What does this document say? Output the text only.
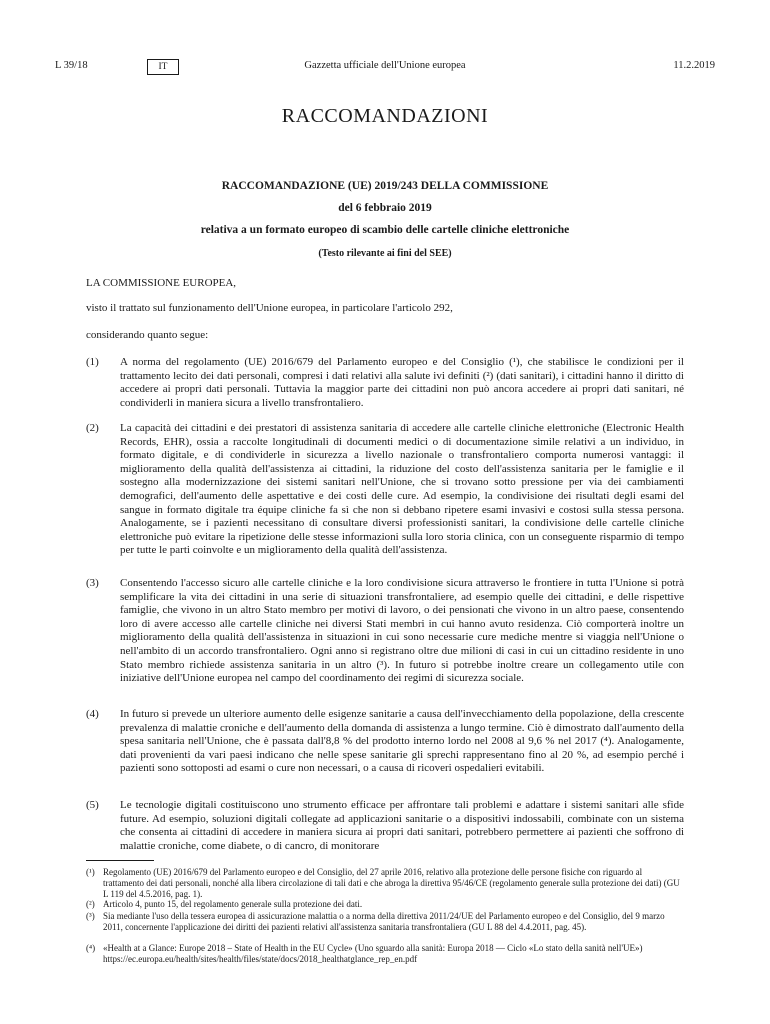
L 39/18	IT	Gazzetta ufficiale dell'Unione europea	11.2.2019
RACCOMANDAZIONI
RACCOMANDAZIONE (UE) 2019/243 DELLA COMMISSIONE
del 6 febbraio 2019
relativa a un formato europeo di scambio delle cartelle cliniche elettroniche
(Testo rilevante ai fini del SEE)
LA COMMISSIONE EUROPEA,
visto il trattato sul funzionamento dell'Unione europea, in particolare l'articolo 292,
considerando quanto segue:
(1)	A norma del regolamento (UE) 2016/679 del Parlamento europeo e del Consiglio (¹), che stabilisce le condizioni per il trattamento lecito dei dati personali, compresi i dati relativi alla salute ivi definiti (²) (dati sanitari), i cittadini hanno il diritto di accedere ai propri dati personali. Tuttavia la maggior parte dei cittadini non può ancora accedere ai propri dati sanitari, né condividerli in maniera sicura a livello transfrontaliero.
(2)	La capacità dei cittadini e dei prestatori di assistenza sanitaria di accedere alle cartelle cliniche elettroniche (Electronic Health Records, EHR), ossia a raccolte longitudinali di documenti medici o di documentazione simile relativi a un individuo, in formato digitale, e di condividerle in sicurezza a livello nazionale o transfrontaliero comporta numerosi vantaggi: il miglioramento della qualità dell'assistenza ai cittadini, la riduzione del costo dell'assistenza sanitaria per le famiglie e il sostegno alla modernizzazione dei sistemi sanitari nell'Unione, che si trovano sotto pressione per via dei cambiamenti demografici, dell'aumento delle aspettative e dei costi delle cure. Ad esempio, la condivisione dei risultati degli esami del sangue in formato digitale tra équipe cliniche fa sì che non si debbano ripetere esami invasivi e costosi sulla stessa persona. Analogamente, se i pazienti necessitano di consultare diversi professionisti sanitari, la condivisione delle cartelle cliniche elettroniche può evitare la ripetizione delle stesse informazioni sulla loro storia clinica, con un conseguente risparmio di tempo per tutte le parti coinvolte e un miglioramento della qualità dell'assistenza.
(3)	Consentendo l'accesso sicuro alle cartelle cliniche e la loro condivisione sicura attraverso le frontiere in tutta l'Unione si potrà semplificare la vita dei cittadini in una serie di situazioni transfrontaliere, ad esempio quelle dei cittadini, e delle rispettive famiglie, che vivono in un altro Stato membro per motivi di lavoro, o dei pensionati che vivono in un altro paese, consentendo loro di avere accesso alle cartelle cliniche nei diversi Stati membri in cui hanno avuto residenza. Ciò comporterà inoltre un miglioramento della qualità dell'assistenza in situazioni in cui sono necessarie cure mediche mentre si viaggia nell'Unione o nell'ambito di un accordo transfrontaliero. Ogni anno si registrano oltre due milioni di casi in cui un cittadino residente in uno Stato membro richiede assistenza sanitaria in un altro (³). In futuro si potrebbe inoltre creare un collegamento utile con iniziative dell'Unione europea nel campo del coordinamento dei regimi di sicurezza sociale.
(4)	In futuro si prevede un ulteriore aumento delle esigenze sanitarie a causa dell'invecchiamento della popolazione, della crescente prevalenza di malattie croniche e dell'aumento della domanda di assistenza a lungo termine. Ciò è dimostrato dall'aumento della spesa sanitaria nell'Unione, che è passata dall'8,8 % del prodotto interno lordo nel 2008 al 9,6 % nel 2017 (⁴). Analogamente, dati provenienti da vari paesi indicano che nelle spese sanitarie gli sprechi rappresentano fino al 20 %, ad esempio perché i pazienti sono sottoposti ad esami o cure non necessari, o a causa di ricoveri ospedalieri evitabili.
(5)	Le tecnologie digitali costituiscono uno strumento efficace per affrontare tali problemi e adattare i sistemi sanitari alle sfide future. Ad esempio, soluzioni digitali collegate ad applicazioni sanitarie o a dispositivi indossabili, combinate con un sistema che consenta ai cittadini di accedere in maniera sicura ai propri dati sanitari, potrebbero permettere ai pazienti che soffrono di malattie croniche, come diabete, o di cancro, di monitorare
(¹) Regolamento (UE) 2016/679 del Parlamento europeo e del Consiglio, del 27 aprile 2016, relativo alla protezione delle persone fisiche con riguardo al trattamento dei dati personali, nonché alla libera circolazione di tali dati e che abroga la direttiva 95/46/CE (regolamento generale sulla protezione dei dati) (GU L 119 del 4.5.2016, pag. 1).
(²) Articolo 4, punto 15, del regolamento generale sulla protezione dei dati.
(³) Sia mediante l'uso della tessera europea di assicurazione malattia o a norma della direttiva 2011/24/UE del Parlamento europeo e del Consiglio, del 9 marzo 2011, concernente l'applicazione dei diritti dei pazienti relativi all'assistenza sanitaria transfrontaliera (GU L 88 del 4.4.2011, pag. 45).
(⁴) «Health at a Glance: Europe 2018 – State of Health in the EU Cycle» (Uno sguardo alla sanità: Europa 2018 — Ciclo «Lo stato della sanità nell'UE») https://ec.europa.eu/health/sites/health/files/state/docs/2018_healthatglance_rep_en.pdf
